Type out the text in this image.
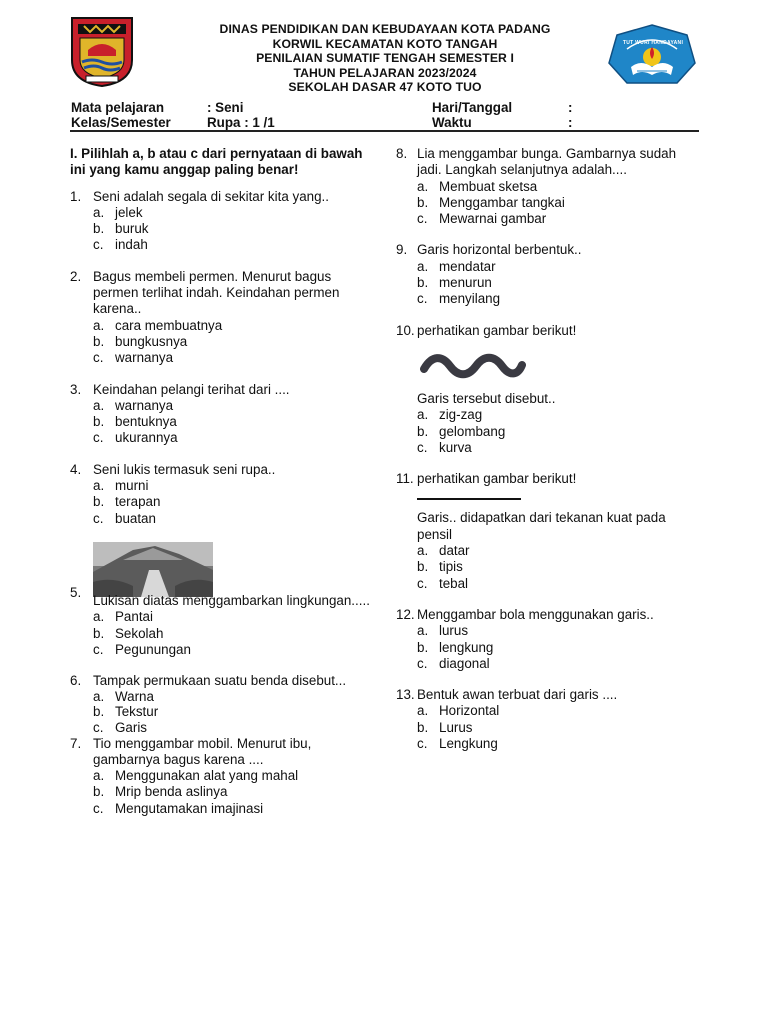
DINAS PENDIDIKAN DAN KEBUDAYAAN KOTA PADANG
KORWIL KECAMATAN KOTO TANGAH
PENILAIAN SUMATIF TENGAH SEMESTER I
TAHUN PELAJARAN 2023/2024
SEKOLAH DASAR 47 KOTO TUO
TUT WURI HANDAYANI
Mata pelajaran	: Seni	Hari/Tanggal	:
Kelas/Semester	Rupa : 1 /1	Waktu	:
I. Pilihlah a, b atau c dari pernyataan di bawah ini yang kamu anggap paling benar!
1. Seni adalah segala di sekitar kita yang..
a. jelek
b. buruk
c. indah
2. Bagus membeli permen. Menurut bagus permen terlihat indah. Keindahan permen karena..
a. cara membuatnya
b. bungkusnya
c. warnanya
3. Keindahan pelangi terihat dari ....
a. warnanya
b. bentuknya
c. ukurannya
4. Seni lukis termasuk seni rupa..
a. murni
b. terapan
c. buatan
5.
Lukisan diatas menggambarkan lingkungan.....
a. Pantai
b. Sekolah
c. Pegunungan
6. Tampak permukaan suatu benda disebut...
a. Warna
b. Tekstur
c. Garis
7. Tio menggambar mobil. Menurut ibu, gambarnya bagus karena ....
a. Menggunakan alat yang mahal
b. Mrip benda aslinya
c. Mengutamakan imajinasi
8. Lia menggambar bunga. Gambarnya sudah jadi. Langkah selanjutnya adalah....
a. Membuat sketsa
b. Menggambar tangkai
c. Mewarnai gambar
9. Garis horizontal berbentuk..
a. mendatar
b. menurun
c. menyilang
10. perhatikan gambar berikut!
Garis tersebut disebut..
a. zig-zag
b. gelombang
c. kurva
11. perhatikan gambar berikut!
Garis.. didapatkan dari tekanan kuat pada pensil
a. datar
b. tipis
c. tebal
12. Menggambar bola menggunakan garis..
a. lurus
b. lengkung
c. diagonal
13. Bentuk awan terbuat dari garis ....
a. Horizontal
b. Lurus
c. Lengkung
